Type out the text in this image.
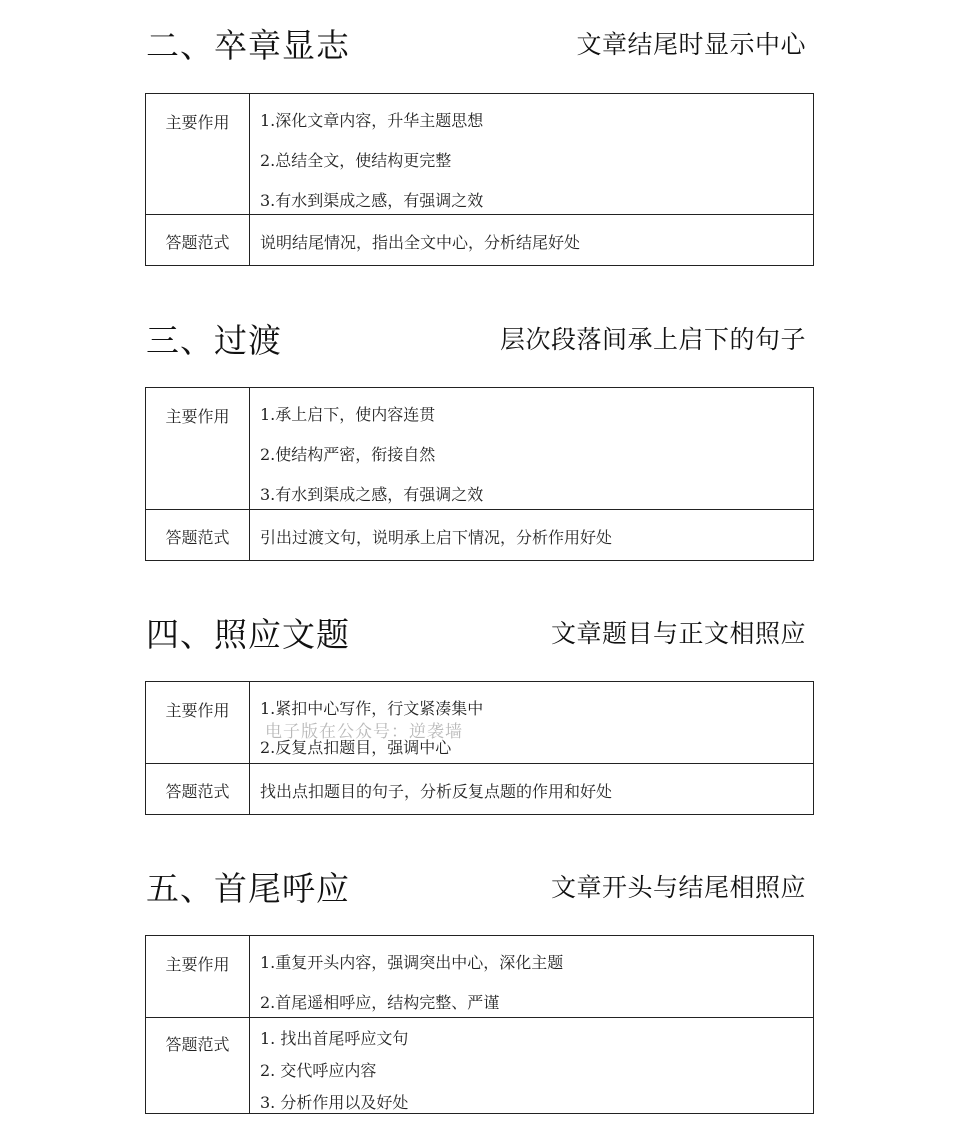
二、卒章显志	文章结尾时显示中心
主要作用	1.深化文章内容，升华主题思想
2.总结全文，使结构更完整
3.有水到渠成之感，有强调之效

答题范式	说明结尾情况，指出全文中心，分析结尾好处
三、过渡	层次段落间承上启下的句子
主要作用	1.承上启下，使内容连贯
2.使结构严密，衔接自然
3.有水到渠成之感，有强调之效

答题范式	引出过渡文句，说明承上启下情况，分析作用好处
四、照应文题	文章题目与正文相照应
主要作用	1.紧扣中心写作，行文紧凑集中
2.反复点扣题目，强调中心

答题范式	找出点扣题目的句子，分析反复点题的作用和好处
电子版在公众号：逆袭墙
五、首尾呼应	文章开头与结尾相照应
主要作用	1.重复开头内容，强调突出中心，深化主题
2.首尾遥相呼应，结构完整、严谨

答题范式	1. 找出首尾呼应文句
2. 交代呼应内容
3. 分析作用以及好处
